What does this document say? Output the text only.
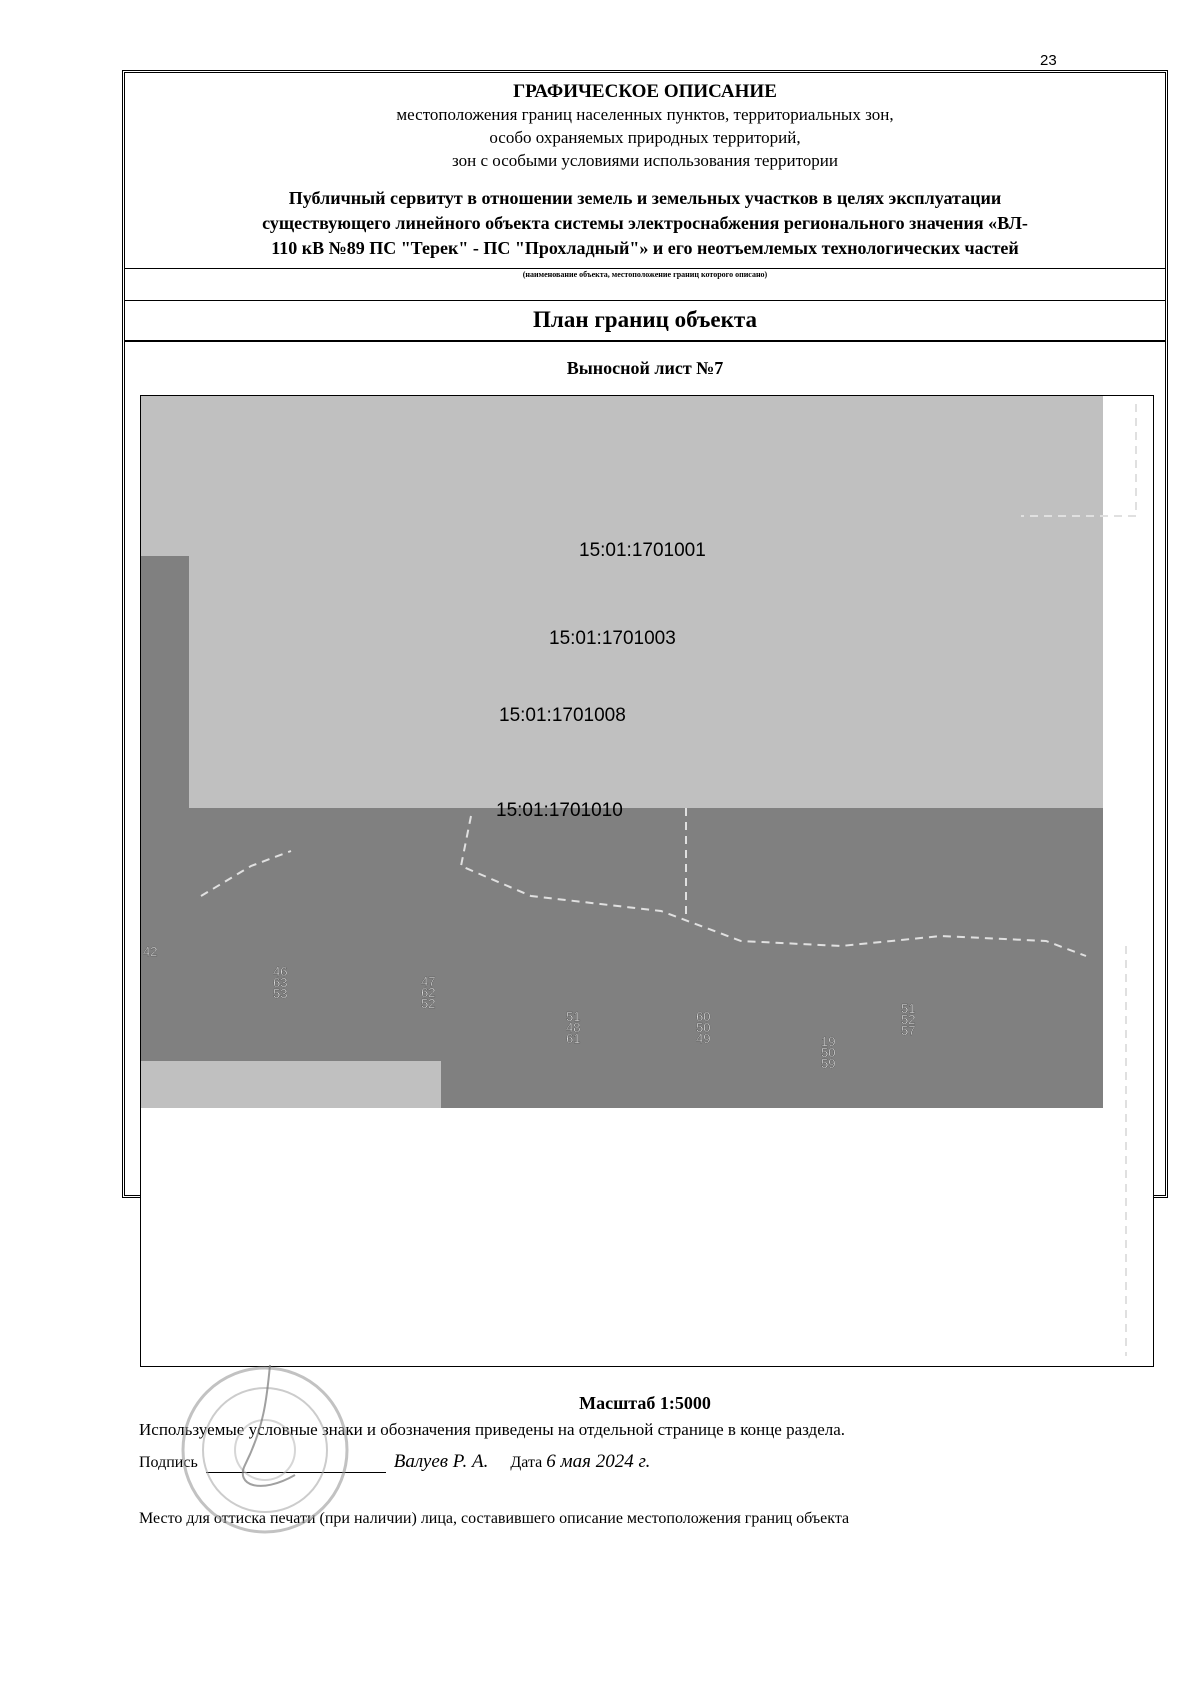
23
ГРАФИЧЕСКОЕ ОПИСАНИЕ
местоположения границ населенных пунктов, территориальных зон,
особо охраняемых природных территорий,
зон с особыми условиями использования территории
Публичный сервитут в отношении земель и земельных участков в целях эксплуатации
существующего линейного объекта системы электроснабжения регионального значения «ВЛ-
110 кВ №89 ПС "Терек" - ПС "Прохладный"» и его неотъемлемых технологических частей
(наименование объекта, местоположение границ которого описано)
План границ объекта
Выносной лист №7
15:01:1701001
15:01:1701003
15:01:1701008
15:01:1701010
46
63
53
47
62
52
51
48
61
60
50
49	19
50
59
51
52
57
42
Масштаб 1:5000
Используемые условные знаки и обозначения приведены на отдельной странице в конце раздела.
Подпись	Валуев Р. А. Дата 6 мая 2024 г.
Место для оттиска печати (при наличии) лица, составившего описание местоположения границ объекта
